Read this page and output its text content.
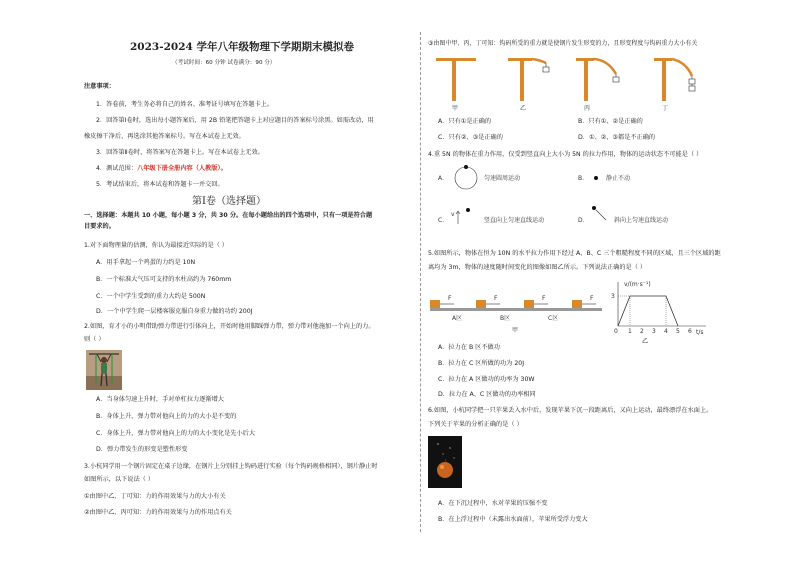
2023-2024 学年八年级物理下学期期末模拟卷
（考试时间：60 分钟 试卷满分：90 分）
注意事项：
1．答卷前，考生务必将自己的姓名、准考证号填写在答题卡上。
2．回答第Ⅰ卷时，选出每小题答案后，用 2B 铅笔把答题卡上对应题目的答案标号涂黑。如需改动，用
橡皮擦干净后，再选涂其他答案标号。写在本试卷上无效。
3．回答第Ⅱ卷时，将答案写在答题卡上。写在本试卷上无效。
4．测试范围：八年级下册全册内容（人教版）。
5．考试结束后，将本试卷和答题卡一并交回。
第Ⅰ卷（选择题）
一、选择题：本题共 10 小题，每小题 3 分，共 30 分。在每小题给出的四个选项中，只有一项是符合题
目要求的。
1.对下面物理量的估测，你认为最接近实际的是（ ）
A．用手拿起一个鸡蛋的力约是 10N
B．一个标准大气压可支持的水柱高约为 760mm
C．一个中学生受到的重力大约是 500N
D．一个中学生爬一层楼客服克服自身重力做的功约 200J
2.如图，育才小的小明借助弹力带进行引体向上，开始时他用脚踩弹力带，弹力带对他施加一个向上的力。
则（ ）
A．当身体匀速上升时，手对单杠拉力逐渐增大
B．身体上升，弹力带对他向上的力的大小是不变的
C．身体上升，弹力带对他向上的力的大小变化是先小后大
D．弹力带发生的形变是塑性形变
3.小杭同学用一个钢片固定在桌子边缘，在钢片上分别挂上钩码进行实验（每个钩码规格相同），钢片静止时
如图所示，以下说法（ ）
①由图中乙、丁可知：力的作用效果与力的大小有关
②由图中乙、丙可知：力的作用效果与力的作用点有关
③由图中甲、丙、丁可知：钩码所受的重力就是使钢片发生形变的力，且形变程度与钩码重力大小有关
甲	乙	丙	丁
A．只有①是正确的	B．只有①、②是正确的
C．只有②、③是正确的	D．①、②、③都是不正确的
4.重 5N 的物体在重力作用，仅受到竖直向上大小为 5N 的拉力作用，物体的运动状态不可能是（ ）
A．	匀速圆周运动	B．	静止不动
C．
v
竖直向上匀速直线运动	D．	斜向上匀速直线运动
5.如图所示，物体在恒为 10N 的水平拉力作用下经过 A、B、C 三个粗糙程度不同的区域，且三个区域的距
离均为 3m，物体的速度随时间变化的图像如图乙所示。下列说法正确的是（ ）
F	F	F	F
A区	B区	C区
甲
v/(m·s⁻¹)
t/s
3
0 1 2 3 4 5 6
乙
A．拉力在 B 区不做功
B．拉力在 C 区所做的功为 20J
C．拉力在 A 区做功的功率为 30W
D．拉力在 A、C 区做功的功率相同
6.如图，小杭同学把一只苹果丢入水中后，发现苹果下沉一段距离后，又向上运动，最终漂浮在水面上。
下列关于苹果的分析正确的是（ ）
A．在下沉过程中，水对苹果的压强不变
B．在上浮过程中（未露出水面前），苹果所受浮力变大
